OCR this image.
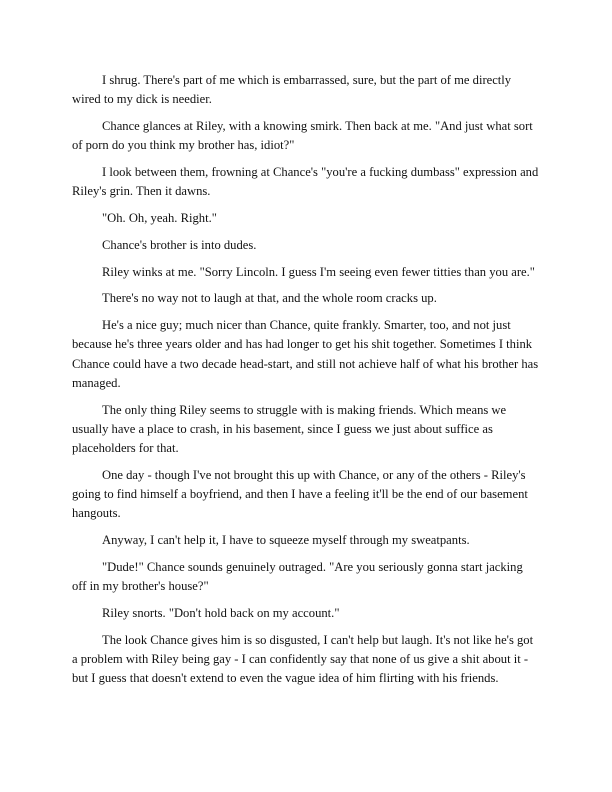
I shrug. There's part of me which is embarrassed, sure, but the part of me directly wired to my dick is needier.

Chance glances at Riley, with a knowing smirk. Then back at me. "And just what sort of porn do you think my brother has, idiot?"

I look between them, frowning at Chance's "you're a fucking dumbass" expression and Riley's grin. Then it dawns.

"Oh. Oh, yeah. Right."

Chance's brother is into dudes.

Riley winks at me. "Sorry Lincoln. I guess I'm seeing even fewer titties than you are."

There's no way not to laugh at that, and the whole room cracks up.

He's a nice guy; much nicer than Chance, quite frankly. Smarter, too, and not just because he's three years older and has had longer to get his shit together. Sometimes I think Chance could have a two decade head-start, and still not achieve half of what his brother has managed.

The only thing Riley seems to struggle with is making friends. Which means we usually have a place to crash, in his basement, since I guess we just about suffice as placeholders for that.

One day - though I've not brought this up with Chance, or any of the others - Riley's going to find himself a boyfriend, and then I have a feeling it'll be the end of our basement hangouts.

Anyway, I can't help it, I have to squeeze myself through my sweatpants.

"Dude!" Chance sounds genuinely outraged. "Are you seriously gonna start jacking off in my brother's house?"

Riley snorts. "Don't hold back on my account."

The look Chance gives him is so disgusted, I can't help but laugh. It's not like he's got a problem with Riley being gay - I can confidently say that none of us give a shit about it - but I guess that doesn't extend to even the vague idea of him flirting with his friends.
